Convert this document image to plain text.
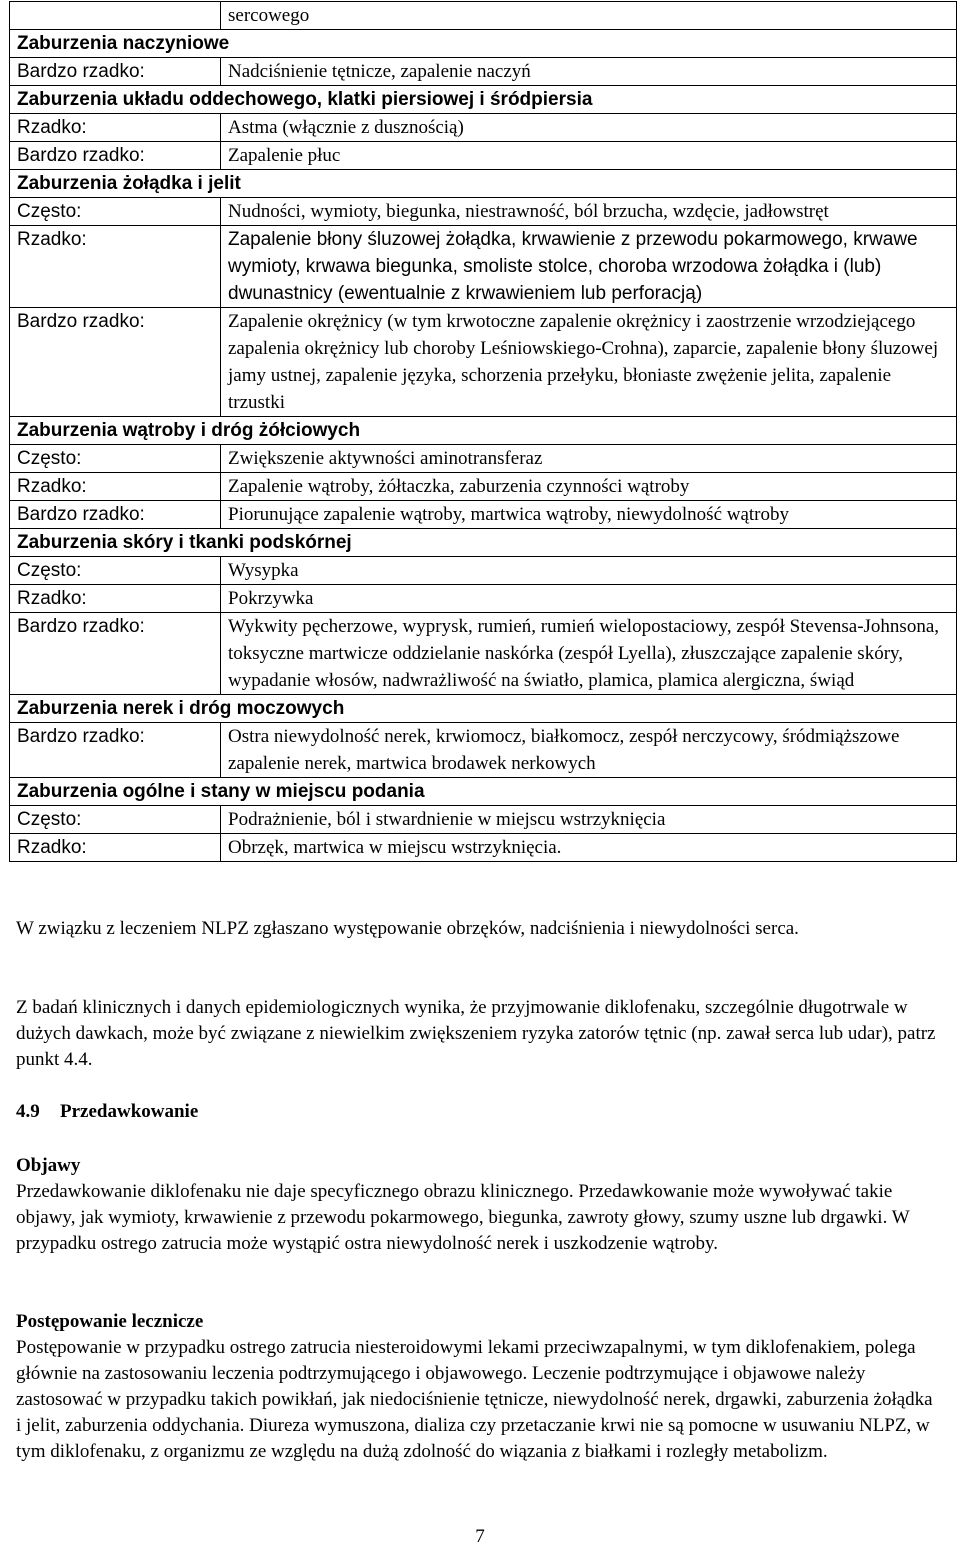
	sercowego
Zaburzenia naczyniowe	
Bardzo rzadko:	Nadciśnienie tętnicze, zapalenie naczyń
Zaburzenia układu oddechowego, klatki piersiowej i śródpiersia	
Rzadko:	Astma (włącznie z dusznością)
Bardzo rzadko:	Zapalenie płuc
Zaburzenia żołądka i jelit	
Często:	Nudności, wymioty, biegunka, niestrawność, ból brzucha, wzdęcie, jadłowstręt
Rzadko:	Zapalenie błony śluzowej żołądka, krwawienie z przewodu pokarmowego, krwawe wymioty, krwawa biegunka, smoliste stolce, choroba wrzodowa żołądka i (lub) dwunastnicy (ewentualnie z krwawieniem lub perforacją)
Bardzo rzadko:	Zapalenie okrężnicy (w tym krwotoczne zapalenie okrężnicy i zaostrzenie wrzodziejącego zapalenia okrężnicy lub choroby Leśniowskiego-Crohna), zaparcie, zapalenie błony śluzowej jamy ustnej, zapalenie języka, schorzenia przełyku, błoniaste zwężenie jelita, zapalenie trzustki
Zaburzenia wątroby i dróg żółciowych	
Często:	Zwiększenie aktywności aminotransferaz
Rzadko:	Zapalenie wątroby, żółtaczka, zaburzenia czynności wątroby
Bardzo rzadko:	Piorunujące zapalenie wątroby, martwica wątroby, niewydolność wątroby
Zaburzenia skóry i tkanki podskórnej	
Często:	Wysypka
Rzadko:	Pokrzywka
Bardzo rzadko:	Wykwity pęcherzowe, wyprysk, rumień, rumień wielopostaciowy, zespół Stevensa-Johnsona, toksyczne martwicze oddzielanie naskórka (zespół Lyella), złuszczające zapalenie skóry, wypadanie włosów, nadwrażliwość na światło, plamica, plamica alergiczna, świąd
Zaburzenia nerek i dróg moczowych	
Bardzo rzadko:	Ostra niewydolność nerek, krwiomocz, białkomocz, zespół nerczycowy, śródmiąższowe zapalenie nerek, martwica brodawek nerkowych
Zaburzenia ogólne i stany w miejscu podania	
Często:	Podrażnienie, ból i stwardnienie w miejscu wstrzyknięcia
Rzadko:	Obrzęk, martwica w miejscu wstrzyknięcia.

W związku z leczeniem NLPZ zgłaszano występowanie obrzęków, nadciśnienia i niewydolności serca.

Z badań klinicznych i danych epidemiologicznych wynika, że przyjmowanie diklofenaku, szczególnie długotrwale w dużych dawkach, może być związane z niewielkim zwiększeniem ryzyka zatorów tętnic (np. zawał serca lub udar), patrz punkt 4.4.

4.9 Przedawkowanie
Objawy

Przedawkowanie diklofenaku nie daje specyficznego obrazu klinicznego. Przedawkowanie może wywoływać takie objawy, jak wymioty, krwawienie z przewodu pokarmowego, biegunka, zawroty głowy, szumy uszne lub drgawki. W przypadku ostrego zatrucia może wystąpić ostra niewydolność nerek i uszkodzenie wątroby.

Postępowanie lecznicze

Postępowanie w przypadku ostrego zatrucia niesteroidowymi lekami przeciwzapalnymi, w tym diklofenakiem, polega głównie na zastosowaniu leczenia podtrzymującego i objawowego. Leczenie podtrzymujące i objawowe należy zastosować w przypadku takich powikłań, jak niedociśnienie tętnicze, niewydolność nerek, drgawki, zaburzenia żołądka i jelit, zaburzenia oddychania. Diureza wymuszona, dializa czy przetaczanie krwi nie są pomocne w usuwaniu NLPZ, w tym diklofenaku, z organizmu ze względu na dużą zdolność do wiązania z białkami i rozległy metabolizm.

7
